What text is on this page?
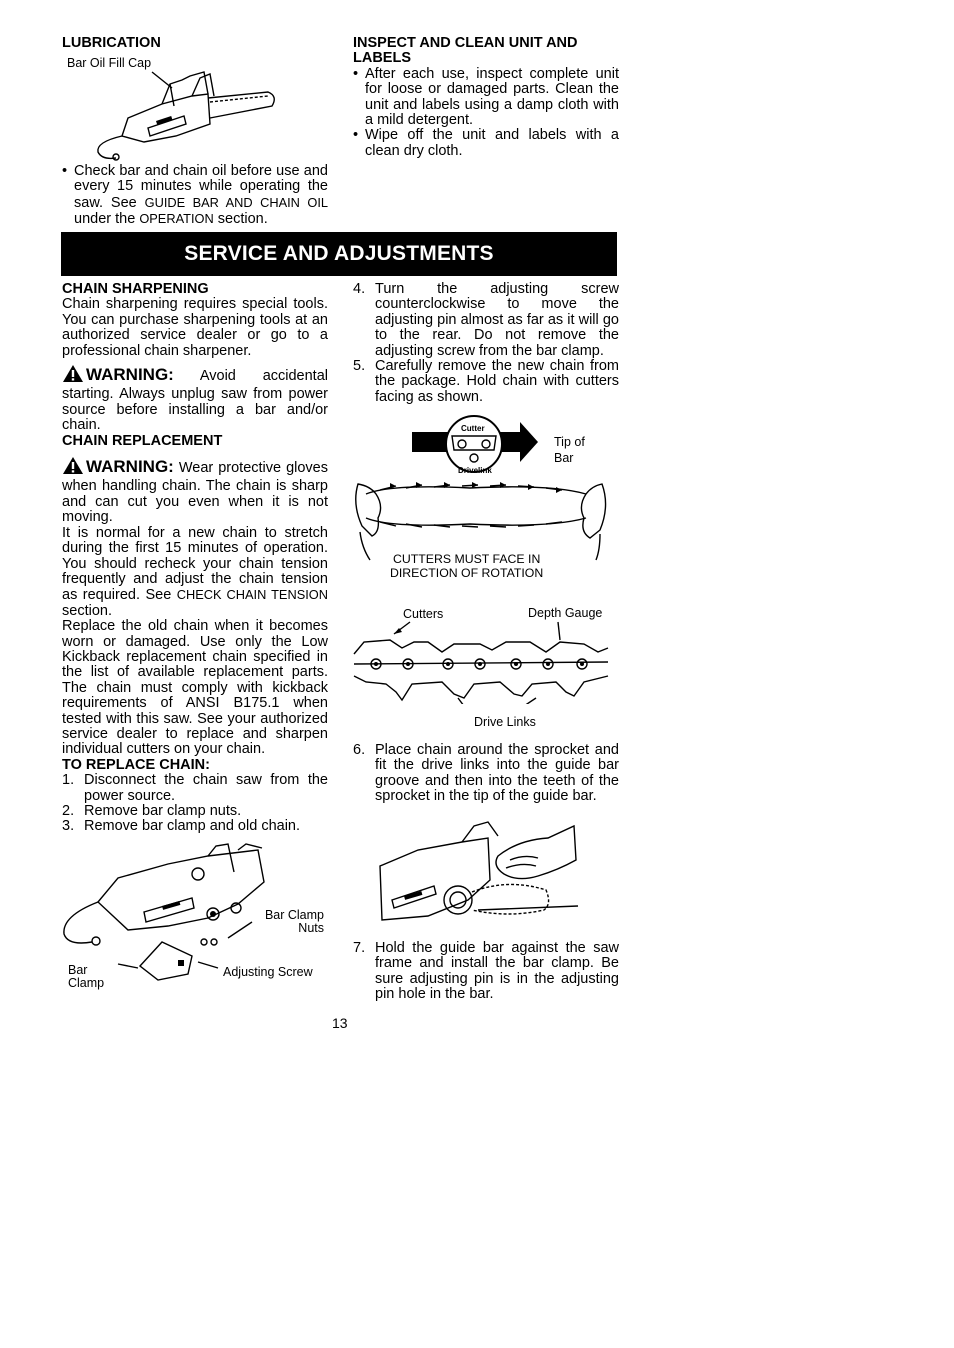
LUBRICATION
Bar Oil Fill Cap
• Check bar and chain oil before use and every 15 minutes while operating the saw. See GUIDE BAR AND CHAIN OIL under the OPERATION section.
INSPECT AND CLEAN UNIT AND LABELS
• After each use, inspect complete unit for loose or damaged parts. Clean the unit and labels using a damp cloth with a mild detergent.
• Wipe off the unit and labels with a clean dry cloth.
SERVICE AND ADJUSTMENTS
CHAIN SHARPENING

Chain sharpening requires special tools. You can purchase sharpening tools at an authorized service dealer or go to a professional chain sharpener.

WARNING: Avoid accidental starting. Always unplug saw from power source before installing a bar and/or chain.

CHAIN REPLACEMENT

WARNING: Wear protective gloves when handling chain. The chain is sharp and can cut you even when it is not moving.

It is normal for a new chain to stretch during the first 15 minutes of operation. You should recheck your chain tension frequently and adjust the chain tension as required. See CHECK CHAIN TENSION section.

Replace the old chain when it becomes worn or damaged. Use only the Low Kickback replacement chain specified in the list of available replacement parts. The chain must comply with kickback requirements of ANSI B175.1 when tested with this saw. See your authorized service dealer to replace and sharpen individual cutters on your chain.

TO REPLACE CHAIN:
1. Disconnect the chain saw from the power source.
2. Remove bar clamp nuts.
3. Remove bar clamp and old chain.
Bar Clamp Nuts
Bar Clamp
Adjusting Screw
4. Turn the adjusting screw counterclockwise to move the adjusting pin almost as far as it will go to the rear. Do not remove the adjusting screw from the bar clamp.
5. Carefully remove the new chain from the package. Hold chain with cutters facing as shown.
Cutter
Drivelink
Tip of Bar
CUTTERS MUST FACE IN
DIRECTION OF ROTATION
Cutters	Depth Gauge
Drive Links
6. Place chain around the sprocket and fit the drive links into the guide bar groove and then into the teeth of the sprocket in the tip of the guide bar.
7. Hold the guide bar against the saw frame and install the bar clamp. Be sure adjusting pin is in the adjusting pin hole in the bar.
13
